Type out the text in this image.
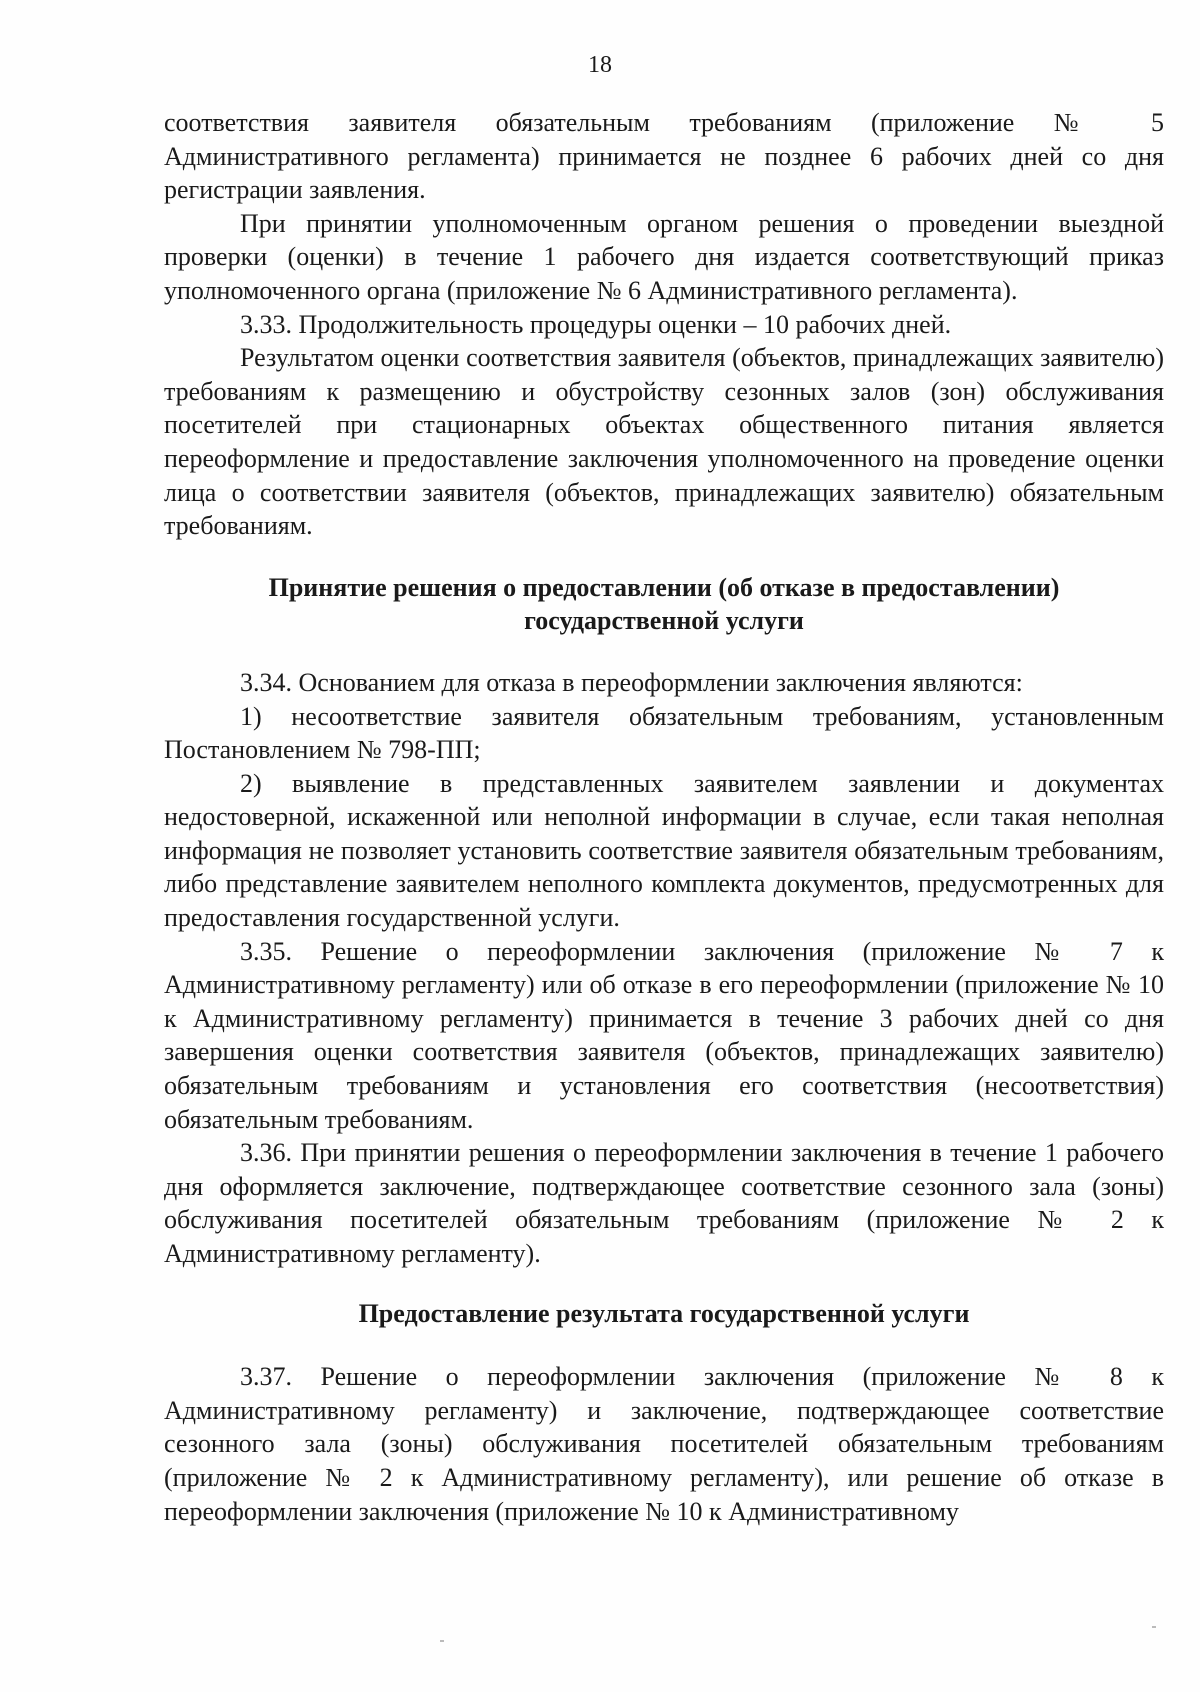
18

соответствия заявителя обязательным требованиям (приложение № 5 Административного регламента) принимается не позднее 6 рабочих дней со дня регистрации заявления.

При принятии уполномоченным органом решения о проведении выездной проверки (оценки) в течение 1 рабочего дня издается соответствующий приказ уполномоченного органа (приложение № 6 Административного регламента).

3.33. Продолжительность процедуры оценки – 10 рабочих дней.

Результатом оценки соответствия заявителя (объектов, принадлежащих заявителю) требованиям к размещению и обустройству сезонных залов (зон) обслуживания посетителей при стационарных объектах общественного питания является переоформление и предоставление заключения уполномоченного на проведение оценки лица о соответствии заявителя (объектов, принадлежащих заявителю) обязательным требованиям.

Принятие решения о предоставлении (об отказе в предоставлении)
государственной услуги

3.34. Основанием для отказа в переоформлении заключения являются:

1) несоответствие заявителя обязательным требованиям, установленным Постановлением № 798-ПП;

2) выявление в представленных заявителем заявлении и документах недостоверной, искаженной или неполной информации в случае, если такая неполная информация не позволяет установить соответствие заявителя обязательным требованиям, либо представление заявителем неполного комплекта документов, предусмотренных для предоставления государственной услуги.

3.35. Решение о переоформлении заключения (приложение № 7 к Административному регламенту) или об отказе в его переоформлении (приложение № 10 к Административному регламенту) принимается в течение 3 рабочих дней со дня завершения оценки соответствия заявителя (объектов, принадлежащих заявителю) обязательным требованиям и установления его соответствия (несоответствия) обязательным требованиям.

3.36. При принятии решения о переоформлении заключения в течение 1 рабочего дня оформляется заключение, подтверждающее соответствие сезонного зала (зоны) обслуживания посетителей обязательным требованиям (приложение № 2 к Административному регламенту).

Предоставление результата государственной услуги

3.37. Решение о переоформлении заключения (приложение № 8 к Административному регламенту) и заключение, подтверждающее соответствие сезонного зала (зоны) обслуживания посетителей обязательным требованиям (приложение № 2 к Административному регламенту), или решение об отказе в переоформлении заключения (приложение № 10 к Административному
